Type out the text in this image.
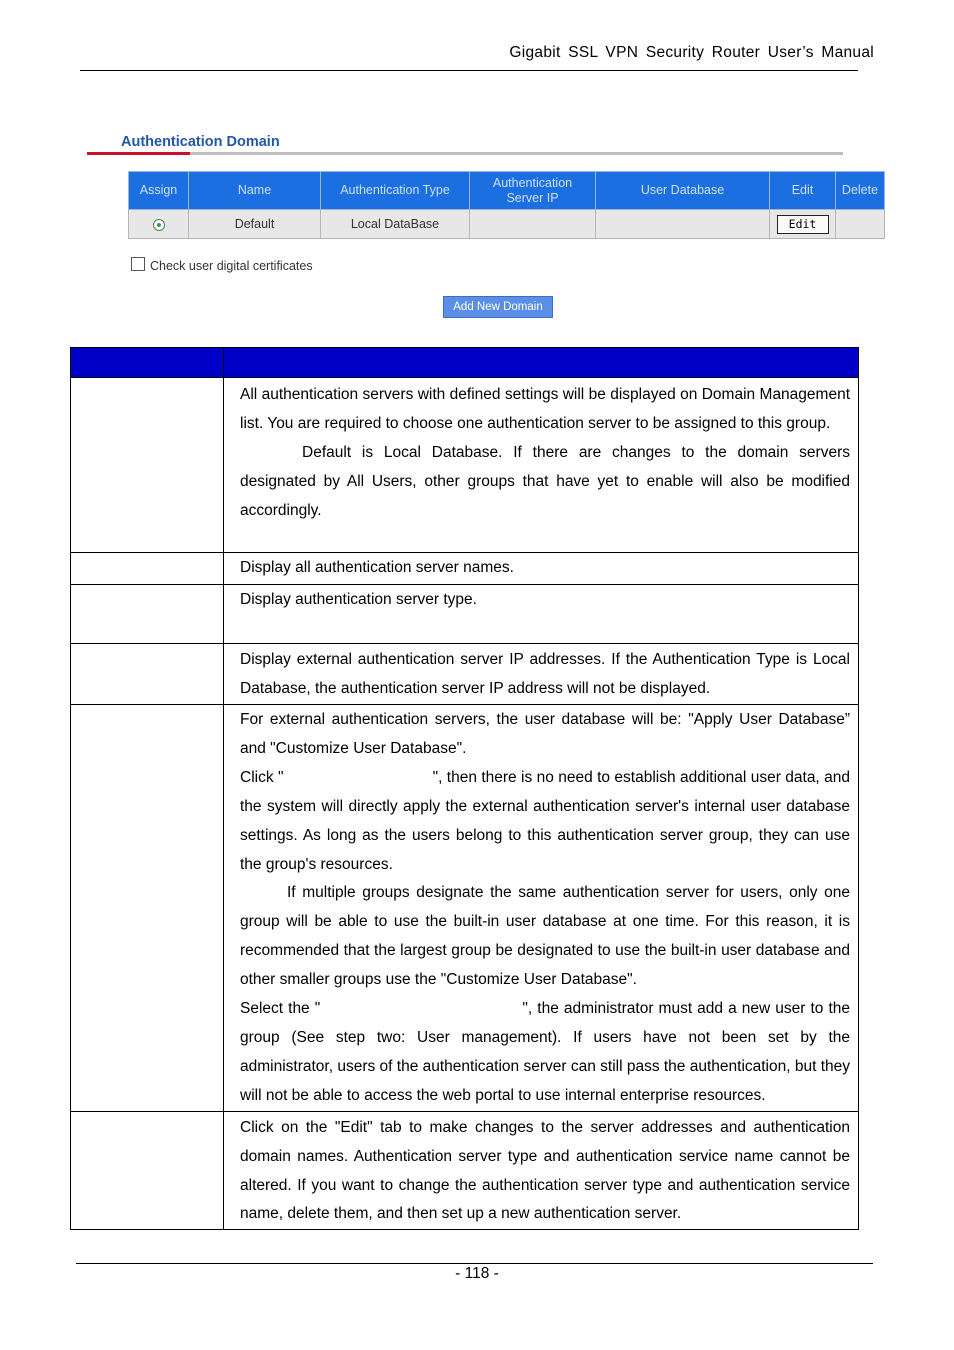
Gigabit SSL VPN Security Router User’s Manual
Authentication Domain
Assign	Name	Authentication Type	Authentication Server IP	User Database	Edit	Delete
	Default	Local DataBase			Edit	
Check user digital certificates
Add New Domain

	All authentication servers with defined settings will be displayed on Domain Management list. You are required to choose one authentication server to be assigned to this group.

Default is Local Database. If there are changes to the domain servers designated by All Users, other groups that have yet to enable will also be modified accordingly.

	Display all authentication server names.

	Display authentication server type.

	Display external authentication server IP addresses. If the Authentication Type is Local Database, the authentication server IP address will not be displayed.

	For external authentication servers, the user database will be: "Apply User Database” and "Customize User Database".

Click "                                  ", then there is no need to establish additional user data, and the system will directly apply the external authentication server's internal user database settings. As long as the users belong to this authentication server group, they can use the group's resources.

If multiple groups designate the same authentication server for users, only one group will be able to use the built-in user database at one time. For this reason, it is recommended that the largest group be designated to use the built-in user database and other smaller groups use the "Customize User Database".

Select the "                                        ", the administrator must add a new user to the group (See step two: User management). If users have not been set by the administrator, users of the authentication server can still pass the authentication, but they will not be able to access the web portal to use internal enterprise resources.

	Click on the "Edit" tab to make changes to the server addresses and authentication domain names. Authentication server type and authentication service name cannot be altered. If you want to change the authentication server type and authentication service name, delete them, and then set up a new authentication server.

- 118 -
